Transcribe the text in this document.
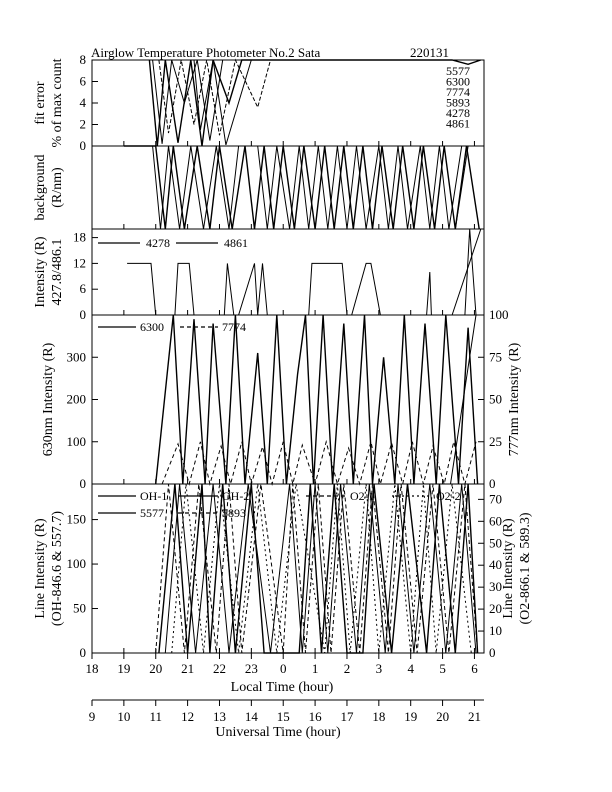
Airglow Temperature Photometer No.2 Sata	220131
0
2
4
6
8
fit error % of max count
background (R/nm)
0
6
12
18
Intensity (R) 427.8/486.1
0
100
200
300
0
25
50
75
100
630nm Intensity (R)	777nm Intensity (R)
0
50
100
150
0
10
20
30
40
50
60
70
Line Intensity (R) (OH-846.6 & 557.7)	Line Intensity (R) (O2-866.1 & 589.3)
5577
6300
7774
5893
4278
4861
4278	4861
6300	7774
OH-1	OH-2	O2-1	O2-2
5577	5893
18 19 20 21 22 23 0 1 2 3 4 5 6
Local Time (hour)
9 10 11 12 13 14 15 16 17 18 19 20 21
Universal Time (hour)
